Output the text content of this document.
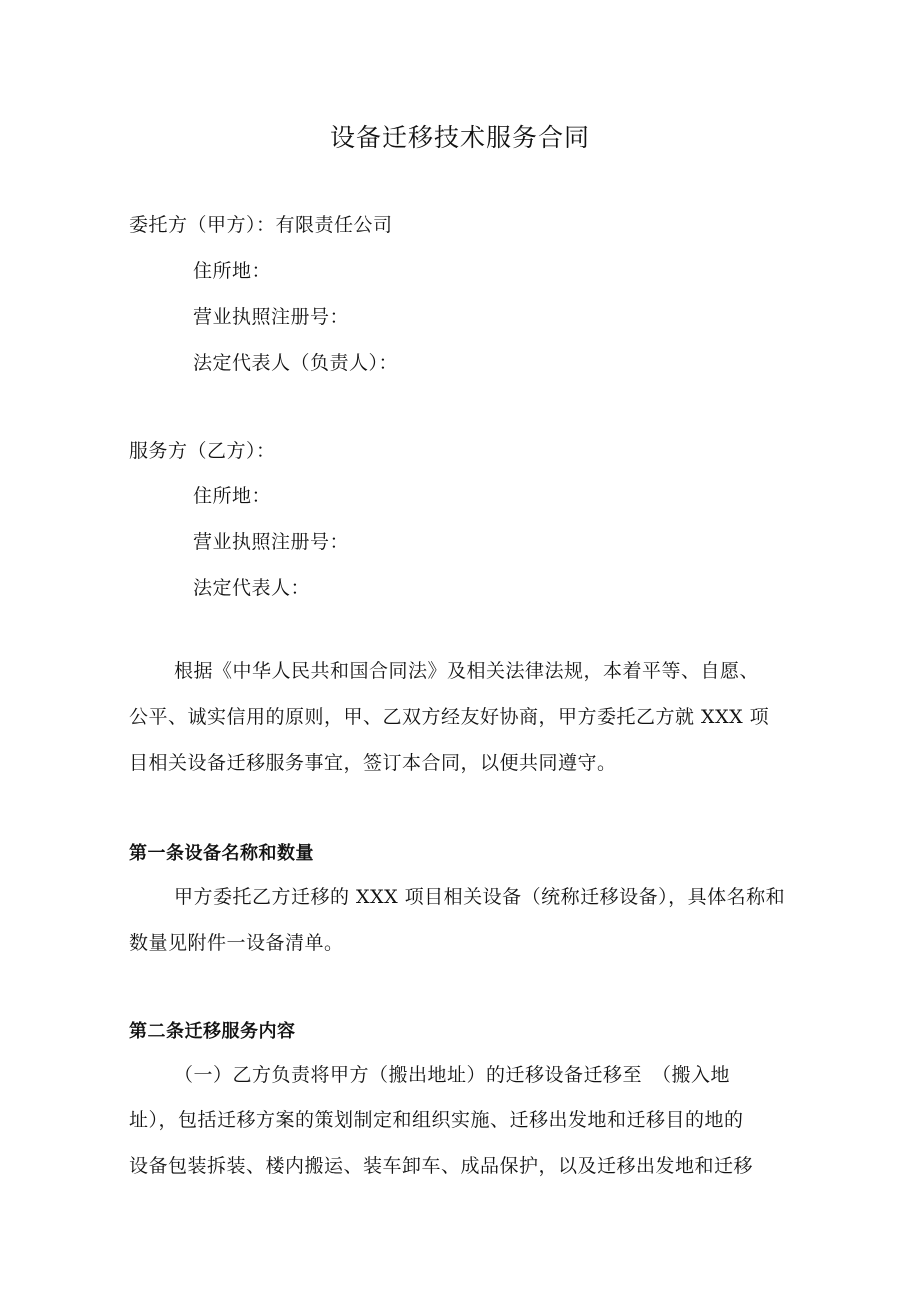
设备迁移技术服务合同
委托方（甲方）：有限责任公司
住所地：
营业执照注册号：
法定代表人（负责人）：
服务方（乙方）：
住所地：
营业执照注册号：
法定代表人：
根据《中华人民共和国合同法》及相关法律法规，本着平等、自愿、
公平、诚实信用的原则，甲、乙双方经友好协商，甲方委托乙方就 XXX 项
目相关设备迁移服务事宜，签订本合同，以便共同遵守。
第一条设备名称和数量
甲方委托乙方迁移的 XXX 项目相关设备（统称迁移设备），具体名称和
数量见附件一设备清单。
第二条迁移服务内容
（一）乙方负责将甲方（搬出地址）的迁移设备迁移至　（搬入地
址），包括迁移方案的策划制定和组织实施、迁移出发地和迁移目的地的
设备包装拆装、楼内搬运、装车卸车、成品保护，以及迁移出发地和迁移
